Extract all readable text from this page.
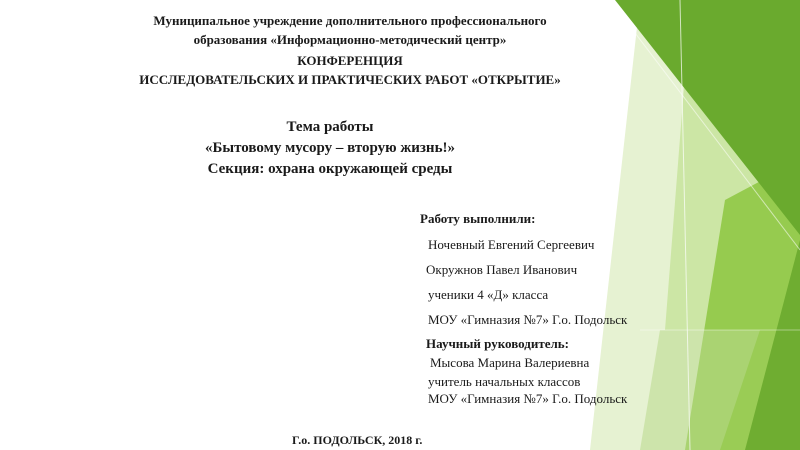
Муниципальное учреждение дополнительного профессионального

образования «Информационно-методический центр»

КОНФЕРЕНЦИЯ

ИССЛЕДОВАТЕЛЬСКИХ И ПРАКТИЧЕСКИХ РАБОТ «ОТКРЫТИЕ»

Тема работы

«Бытовому мусору – вторую жизнь!»

Секция: охрана окружающей среды

Работу выполнили:

Ночевный Евгений Сергеевич

Окружнов Павел Иванович

ученики 4 «Д» класса

МОУ «Гимназия №7» Г.о. Подольск

Научный руководитель:

Мысова Марина Валериевна

учитель начальных классов

МОУ «Гимназия №7» Г.о. Подольск

Г.о. ПОДОЛЬСК, 2018 г.
